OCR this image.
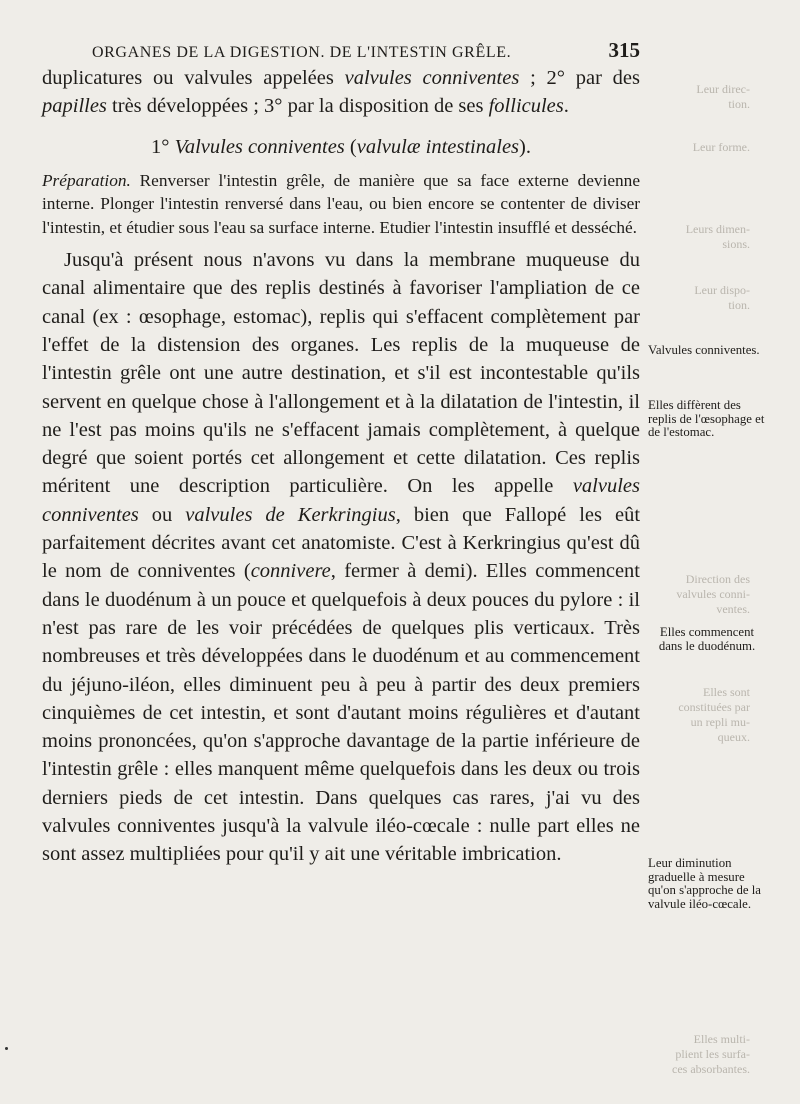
ORGANES DE LA DIGESTION. DE L'INTESTIN GRÊLE.	315
Leur direc-
tion.
Leur forme.
Leurs dimen-
sions.
Leur dispo-
tion.
Direction des
valvules conni-
ventes.
Elles sont
constituées par
un repli mu-
queux.
Elles multi-
plient les surfa-
ces absorbantes.

duplicatures ou valvules appelées valvules conniventes ; 2° par des papilles très développées ; 3° par la disposition de ses follicules.

1° Valvules conniventes (valvulæ intestinales).

Préparation. Renverser l'intestin grêle, de manière que sa face externe devienne interne. Plonger l'intestin renversé dans l'eau, ou bien encore se contenter de diviser l'intestin, et étudier sous l'eau sa surface interne. Etudier l'intestin insufflé et desséché.

Jusqu'à présent nous n'avons vu dans la membrane muqueuse du canal alimentaire que des replis destinés à favoriser l'ampliation de ce canal (ex : œsophage, estomac), replis qui s'effacent complètement par l'effet de la distension des organes. Les replis de la muqueuse de l'intestin grêle ont une autre destination, et s'il est incontestable qu'ils servent en quelque chose à l'allongement et à la dilatation de l'intestin, il ne l'est pas moins qu'ils ne s'effacent jamais complètement, à quelque degré que soient portés cet allongement et cette dilatation. Ces replis méritent une description particulière. On les appelle valvules conniventes ou valvules de Kerkringius, bien que Fallopé les eût parfaitement décrites avant cet anatomiste. C'est à Kerkringius qu'est dû le nom de conniventes (connivere, fermer à demi). Elles commencent dans le duodénum à un pouce et quelquefois à deux pouces du pylore : il n'est pas rare de les voir précédées de quelques plis verticaux. Très nombreuses et très développées dans le duodénum et au commencement du jéjuno-iléon, elles diminuent peu à peu à partir des deux premiers cinquièmes de cet intestin, et sont d'autant moins régulières et d'autant moins prononcées, qu'on s'approche davantage de la partie inférieure de l'intestin grêle : elles manquent même quelquefois dans les deux ou trois derniers pieds de cet intestin. Dans quelques cas rares, j'ai vu des valvules conniventes jusqu'à la valvule iléo-cœcale : nulle part elles ne sont assez multipliées pour qu'il y ait une véritable imbrication.

Valvules conniventes.
Elles diffèrent des replis de l'œsophage et de l'estomac.
Elles commencent dans le duodénum.
Leur diminution graduelle à mesure qu'on s'approche de la valvule iléo-cœcale.
